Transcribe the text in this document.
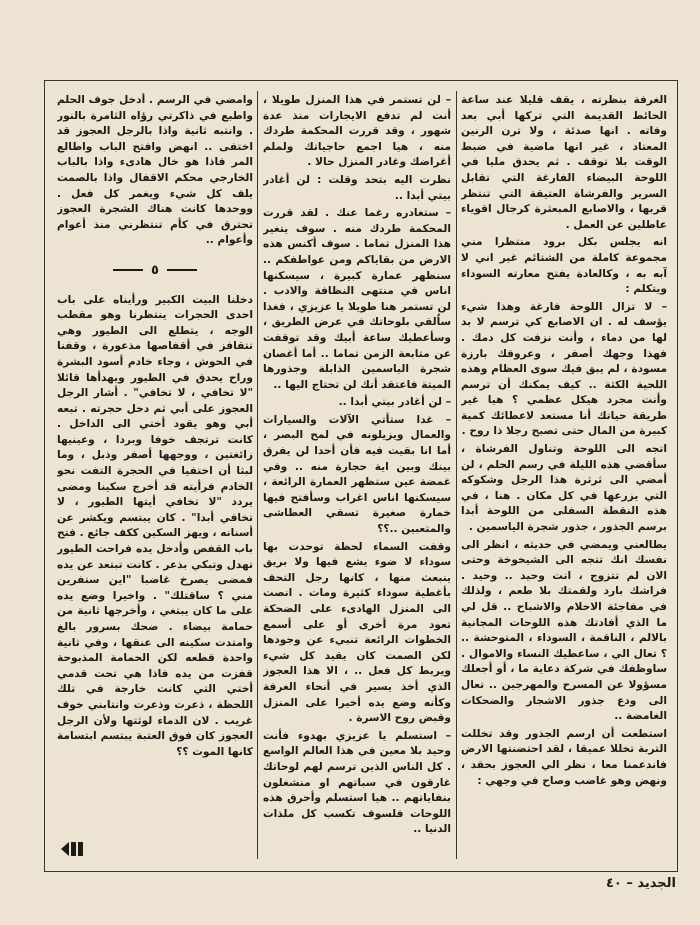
الغرفة بنظرته ، يقف قليلا عند ساعة الحائط القديمة التي تركها أبي بعد وفاته . انها صدئة ، ولا ترن الرنين المعتاد ، غير انها ماضية في ضبط الوقت بلا توقف . ثم يحدق مليا في اللوحة البيضاء الفارغة التي تقابل السرير والفرشاة العتيقة التي تنتظر قربها ، والاصابع المبعثرة كرجال اقوياء عاطلين عن العمل .

انه يجلس بكل برود منتظرا مني مجموعة كاملة من الشتائم غير اني لا آبه به ، وكالعادة يفتح معارته السوداء ويتكلم :

– لا تزال اللوحة فارغة وهذا شيء يؤسف له . ان الاصابع كي ترسم لا بد لها من دماء ، وأنت نزفت كل دمك . فهذا وجهك أصفر ، وعروقك بارزة مسودة ، لم يبق فيك سوى العظام وهذه اللحية الكثة .. كيف يمكنك أن ترسم وأنت مجرد هيكل عظمي ؟ هيا غير طريقة حياتك أنا مستعد لاعطائك كمية كبيرة من المال حتى تصبح رجلا ذا روح .

اتجه الى اللوحة وتناول الفرشاة ، سأقضي هذه الليلة في رسم الحلم ، لن أمضي الى ثرثرة هذا الرجل وشكوكه التي يزرعها في كل مكان . هنا ، في هذه النقطة السفلى من اللوحة أبدا برسم الجذور ، جذور شجرة الياسمين .

يطالعني ويمضي في حديثه ، انظر الى نفسك انك تتجه الى الشيخوخة وحتى الان لم تتزوج ، انت وحيد .. وحيد . فراشك بارد ولقمتك بلا طعم ، ولذلك في مفاجئة الاحلام والاشباح .. قل لي ما الذي أفادتك هذه اللوحات المجانية بالالم ، الناقمة ، السوداء ، المتوحشة .. ؟ تعال الي ، ساعطيك النساء والاموال . ساوظفك في شركة دعاية ما ، أو أجعلك مسؤولا عن المسرح والمهرجين .. تعال الى ودع جذور الاشجار والضحكات الغامضة ..

استطعت أن ارسم الجذور وقد تخللت التربة تخللا عميقا ، لقد احتضنتها الارض فاندعمنا معا ، نظر الي العجوز بحقد ، ونهض وهو غاضب وصاح في وجهي :

– لن تستمر في هذا المنزل طويلا ، أنت لم تدفع الايجارات منذ عدة شهور ، وقد قررت المحكمة طردك منه ، هيا اجمع حاجياتك ولملم أغراضك وغادر المنزل حالا .

نظرت اليه بتحد وقلت : لن أغادر بيتي أبدا ..

– ستغادره رغما عنك . لقد قررت المحكمة طردك منه . سوف يتغير هذا المنزل تماما . سوف أكنس هذه الارض من بقاياكم ومن عواطفكم .. سنظهر عمارة كبيرة ، سيسكنها اناس في منتهى النظافة والادب . لن تستمر هنا طويلا يا عزيزي ، فغدا ساُلقي بلوحاتك في عرض الطريق ، وسأعطيك ساعة أبيك وقد توقفت عن متابعة الزمن تماما .. أما أغصان شجرة الياسمين الذابلة وجذورها الميتة فاعتقد أنك لن تحتاج اليها ..

– لن أغادر بيتي أبدا ..

– غدا ستأتي الآلات والسيارات والعمال ويزيلونه في لمح البصر ، أما انا بقيت فيه فأن أحدا لن يفرق بينك وبين اية حجارة منه .. وفي غمضة عين ستظهر العمارة الرائعة ، سيسكنها اناس اغراب وسأفتح فيها خمارة صغيرة تسقي العطاشى والمتعبين ..؟؟

وقفت السماء لحظة توحدت بها سوداء لا ضوء يشع فيها ولا بريق ينبعث منها ، كانها رجل التحف بأغطية سوداء كثيرة ومات . انصت الى المنزل الهادىء على الضحكة تعود مرة أخرى أو على أسمع الخطوات الرائعة تنبيء عن وجودها لكن الصمت كان يقيد كل شيء ويربط كل فعل .. ، الا هذا العجوز الذي أخذ يسير في أنحاء الغرفة وكأنه وضع يده أخيرا على المنزل وقبض روح الاسرة .

– استسلم يا عزيزي بهدوء فأنت وحيد بلا معين في هذا العالم الواسع . كل الناس الذين ترسم لهم لوحاتك غارقون في سباتهم او منشغلون بنفاياتهم .. هيا استسلم وأحرق هذه اللوحات فلسوف تكسب كل ملذات الدنيا ..

وامضي في الرسم . أدخل جوف الحلم واطبع في ذاكرتي رؤاه الثامرة بالنور . وانتبه ثانية واذا بالرجل العجوز قد اختفى .. انهض وافتح الباب واطالع المر فاذا هو خال هادىء واذا بالباب الخارجي محكم الاقفال واذا بالصمت يلف كل شيء ويغمر كل فعل . ووحدها كانت هناك الشجرة العجوز تحترق في كأم تنتظرني منذ أعوام وأعوام ..

٥

دخلنا البيت الكبير ورأيناه على باب احدى الحجرات ينتظرنا وهو مقطب الوجه ، يتطلع الى الطيور وهي تتقافز في أقفاصها مذعورة ، وقفنا في الحوش ، وجاء خادم أسود البشرة وراح يحدق في الطيور ويهدأها قائلا "لا تخافي ، لا تخافي" . أشار الرجل العجوز على أبي ثم دخل حجرته . تبعه أبي وهو يقود أختي الى الداخل . كانت ترتجف خوفا وبردا ، وعينيها زائغتين ، ووجهها أصفر وذبل ، وما لبثا أن اختفيا في الحجرة التفت نحو الخادم فرأيته قد أخرج سكينا ومضى يردد "لا تخافي أيتها الطيور ، لا تخافي أبدا" . كان يبتسم ويكشر عن أسنانه ، ويهز السكين ككف جائع . فتح باب القفص وأدخل يده فراحت الطيور تهدل وتبكي بذعر . كانت تبتعد عن يده فمضى يصرخ غاضبا "اين ستفرين مني ؟ ساقتلك" . واخيرا وضع يده على ما كان يبتغي ، وأخرجها ثانية من حمامة بيضاء . ضحك بسرور بالغ وامتدت سكينه الى عنقها ، وفي ثانية واحدة قطعه لكن الحمامة المذبوحة قفزت من يده فاذا هي تحت قدمي أختي التي كانت خارجة في تلك اللحظة ، ذعرت وذعرت وانتابني خوف غريب . لان الدماء لوثتها ولأن الرجل العجوز كان فوق العتبة يبتسم ابتسامة كانها الموت ؟؟

الجديد – ٤٠
